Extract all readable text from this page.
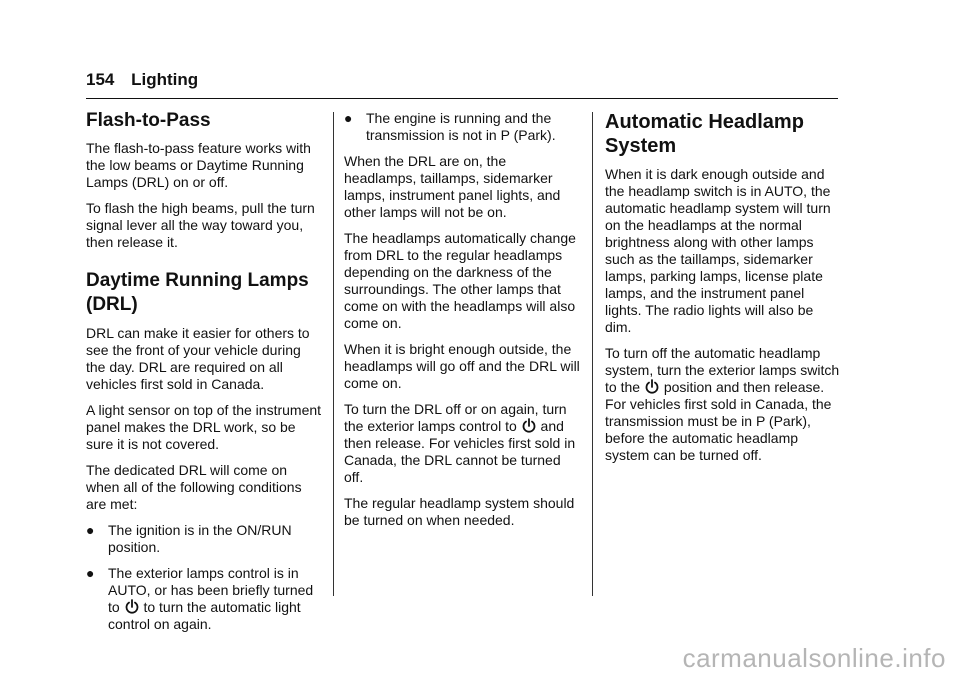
154 Lighting
Flash-to-Pass

The flash-to-pass feature works with the low beams or Daytime Running Lamps (DRL) on or off.

To flash the high beams, pull the turn signal lever all the way toward you, then release it.

Daytime Running Lamps (DRL)

DRL can make it easier for others to see the front of your vehicle during the day. DRL are required on all vehicles first sold in Canada.

A light sensor on top of the instrument panel makes the DRL work, so be sure it is not covered.

The dedicated DRL will come on when all of the following conditions are met:

● The ignition is in the ON/RUN position.
● The exterior lamps control is in AUTO, or has been briefly turned to to turn the automatic light control on again.
● The engine is running and the transmission is not in P (Park).

When the DRL are on, the headlamps, taillamps, sidemarker lamps, instrument panel lights, and other lamps will not be on.

The headlamps automatically change from DRL to the regular headlamps depending on the darkness of the surroundings. The other lamps that come on with the headlamps will also come on.

When it is bright enough outside, the headlamps will go off and the DRL will come on.

To turn the DRL off or on again, turn the exterior lamps control to and then release. For vehicles first sold in Canada, the DRL cannot be turned off.

The regular headlamp system should be turned on when needed.

Automatic Headlamp System

When it is dark enough outside and the headlamp switch is in AUTO, the automatic headlamp system will turn on the headlamps at the normal brightness along with other lamps such as the taillamps, sidemarker lamps, parking lamps, license plate lamps, and the instrument panel lights. The radio lights will also be dim.

To turn off the automatic headlamp system, turn the exterior lamps switch to the position and then release. For vehicles first sold in Canada, the transmission must be in P (Park), before the automatic headlamp system can be turned off.

carmanualsonline.info
